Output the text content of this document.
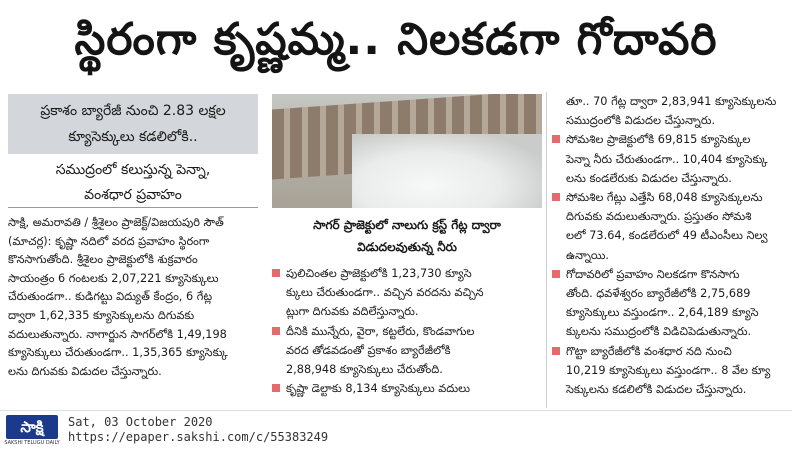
స్థిరంగా కృష్ణమ్మ.. నిలకడగా గోదావరి
ప్రకాశం బ్యారేజీ నుంచి 2.83 లక్షల
క్యూసెక్కులు కడలిలోకి..
సముద్రంలో కలుస్తున్న పెన్నా,
వంశధార ప్రవాహం
సాక్షి, అమరావతి / శ్రీశైలం ప్రాజెక్ట్/విజయపురి సౌత్
(మాచర్ల): కృష్ణా నదిలో వరద ప్రవాహం స్థిరంగా
కొనసాగుతోంది. శ్రీశైలం ప్రాజెక్టులోకి శుక్రవారం
సాయంత్రం 6 గంటలకు 2,07,221 క్యూసెక్కులు
చేరుతుండగా.. కుడిగట్టు విద్యుత్ కేంద్రం, 6 గేట్ల
ద్వారా 1,62,335 క్యూసెక్కులను దిగువకు
వదులుతున్నారు. నాగార్జున సాగర్‌లోకి 1,49,198
క్యూసెక్కులు చేరుతుండగా.. 1,35,365 క్యూసెక్కు
లను దిగువకు విడుదల చేస్తున్నారు.
సాగర్ ప్రాజెక్టులో నాలుగు క్రస్ట్ గేట్ల ద్వారా
విడుదలవుతున్న నీరు
పులిచింతల ప్రాజెక్టులోకి 1,23,730 క్యూసె
క్కులు చేరుతుండగా.. వచ్చిన వరదను వచ్చిన
ట్లుగా దిగువకు వదిలేస్తున్నారు.
దీనికి మున్నేరు, వైరా, కట్టలేరు, కొండవాగుల
వరద తోడవడంతో ప్రకాశం బ్యారేజీలోకి
2,88,948 క్యూసెక్కులు చేరుతోంది.
కృష్ణా డెల్టాకు 8,134 క్యూసెక్కులు వదులు
తూ.. 70 గేట్ల ద్వారా 2,83,941 క్యూసెక్కులను
సముద్రంలోకి విడుదల చేస్తున్నారు.
సోమశిల ప్రాజెక్టులోకి 69,815 క్యూసెక్కుల
పెన్నా నీరు చేరుతుండగా.. 10,404 క్యూసెక్కు
లను కండలేరుకు విడుదల చేస్తున్నారు.
సోమశిల గేట్లు ఎత్తేసి 68,048 క్యూసెక్కులను
దిగువకు వదులుతున్నారు. ప్రస్తుతం సోమశి
లలో 73.64, కండలేరులో 49 టీఎంసీలు నిల్వ
ఉన్నాయి.
గోదావరిలో ప్రవాహం నిలకడగా కొనసాగు
తోంది. ధవళేశ్వరం బ్యారేజీలోకి 2,75,689
క్యూసెక్కులు వస్తుండగా.. 2,64,189 క్యూసె
క్కులను సముద్రంలోకి విడిచిపెడుతున్నారు.
గొట్టా బ్యారేజీలోకి వంశధార నది నుంచి
10,219 క్యూసెక్కులు వస్తుండగా.. 8 వేల క్యూ
సెక్కులను కడలిలోకి విడుదల చేస్తున్నారు.
సాక్షి
SAKSHI TELUGU DAILY
Sat, 03 October 2020
https://epaper.sakshi.com/c/55383249
